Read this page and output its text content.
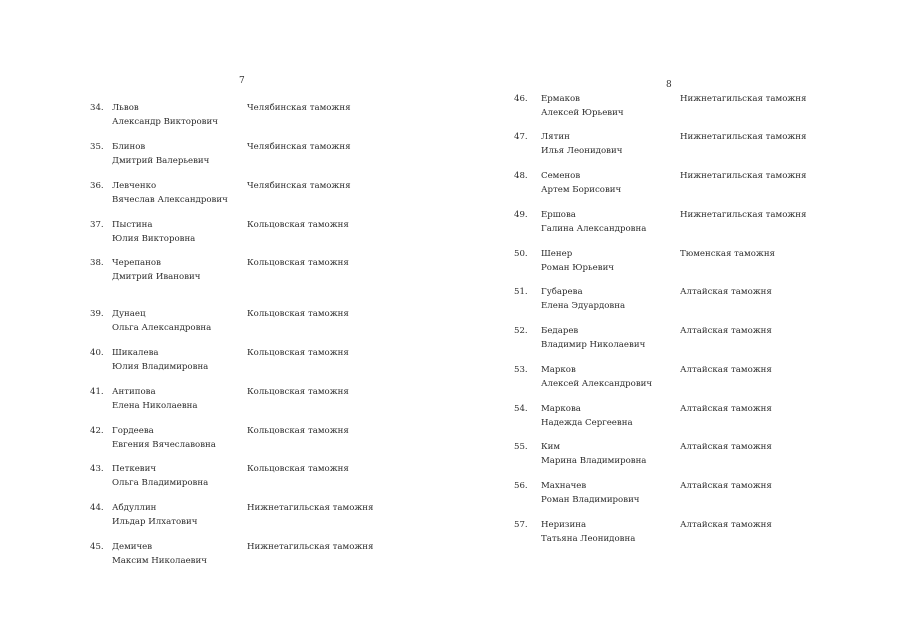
7
34. Львов
Александр Викторович
Челябинская таможня
35. Блинов
Дмитрий Валерьевич
Челябинская таможня
36. Левченко
Вячеслав Александрович
Челябинская таможня
37. Пыстина
Юлия Викторовна
Кольцовская таможня
38. Черепанов
Дмитрий Иванович
Кольцовская таможня
39. Дунаец
Ольга Александровна
Кольцовская таможня
40. Шикалева
Юлия Владимировна
Кольцовская таможня
41. Антипова
Елена Николаевна
Кольцовская таможня
42. Гордеева
Евгения Вячеславовна
Кольцовская таможня
43. Петкевич
Ольга Владимировна
Кольцовская таможня
44. Абдуллин
Ильдар Илхатович
Нижнетагильская таможня
45. Демичев
Максим Николаевич
Нижнетагильская таможня
8
46. Ермаков
Алексей Юрьевич
Нижнетагильская таможня
47. Лятин
Илья Леонидович
Нижнетагильская таможня
48. Семенов
Артем Борисович
Нижнетагильская таможня
49. Ершова
Галина Александровна
Нижнетагильская таможня
50. Шенер
Роман Юрьевич
Тюменская таможня
51. Губарева
Елена Эдуардовна
Алтайская таможня
52. Бедарев
Владимир Николаевич
Алтайская таможня
53. Марков
Алексей Александрович
Алтайская таможня
54. Маркова
Надежда Сергеевна
Алтайская таможня
55. Ким
Марина Владимировна
Алтайская таможня
56. Махначев
Роман Владимирович
Алтайская таможня
57. Неризина
Татьяна Леонидовна
Алтайская таможня
